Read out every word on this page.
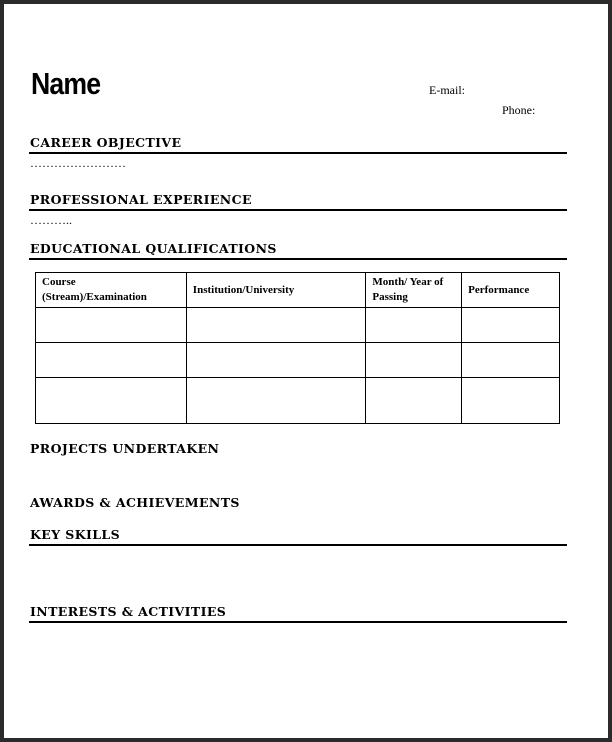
Name	E-mail:
Phone:
CAREER OBJECTIVE
……………………
PROFESSIONAL EXPERIENCE
………..
EDUCATIONAL QUALIFICATIONS
Course (Stream)/Examination	Institution/University	Month/ Year of Passing	Performance

PROJECTS UNDERTAKEN
AWARDS & ACHIEVEMENTS
KEY SKILLS
INTERESTS & ACTIVITIES
